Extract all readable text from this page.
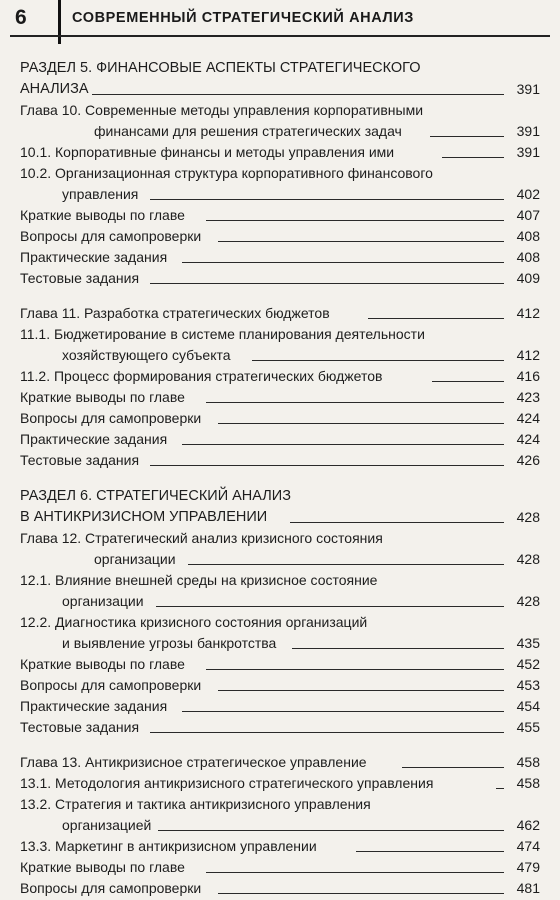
6	СОВРЕМЕННЫЙ СТРАТЕГИЧЕСКИЙ АНАЛИЗ
РАЗДЕЛ 5. ФИНАНСОВЫЕ АСПЕКТЫ СТРАТЕГИЧЕСКОГО
АНАЛИЗА	391
Глава 10. Современные методы управления корпоративными
финансами для решения стратегических задач	391
10.1. Корпоративные финансы и методы управления ими	391
10.2. Организационная структура корпоративного финансового
управления	402
Краткие выводы по главе	407
Вопросы для самопроверки	408
Практические задания	408
Тестовые задания	409
Глава 11. Разработка стратегических бюджетов	412
11.1. Бюджетирование в системе планирования деятельности
хозяйствующего субъекта	412
11.2. Процесс формирования стратегических бюджетов	416
Краткие выводы по главе	423
Вопросы для самопроверки	424
Практические задания	424
Тестовые задания	426
РАЗДЕЛ 6. СТРАТЕГИЧЕСКИЙ АНАЛИЗ
В АНТИКРИЗИСНОМ УПРАВЛЕНИИ	428
Глава 12. Стратегический анализ кризисного состояния
организации	428
12.1. Влияние внешней среды на кризисное состояние
организации	428
12.2. Диагностика кризисного состояния организаций
и выявление угрозы банкротства	435
Краткие выводы по главе	452
Вопросы для самопроверки	453
Практические задания	454
Тестовые задания	455
Глава 13. Антикризисное стратегическое управление	458
13.1. Методология антикризисного стратегического управления	458
13.2. Стратегия и тактика антикризисного управления
организацией	462
13.3. Маркетинг в антикризисном управлении	474
Краткие выводы по главе	479
Вопросы для самопроверки	481
